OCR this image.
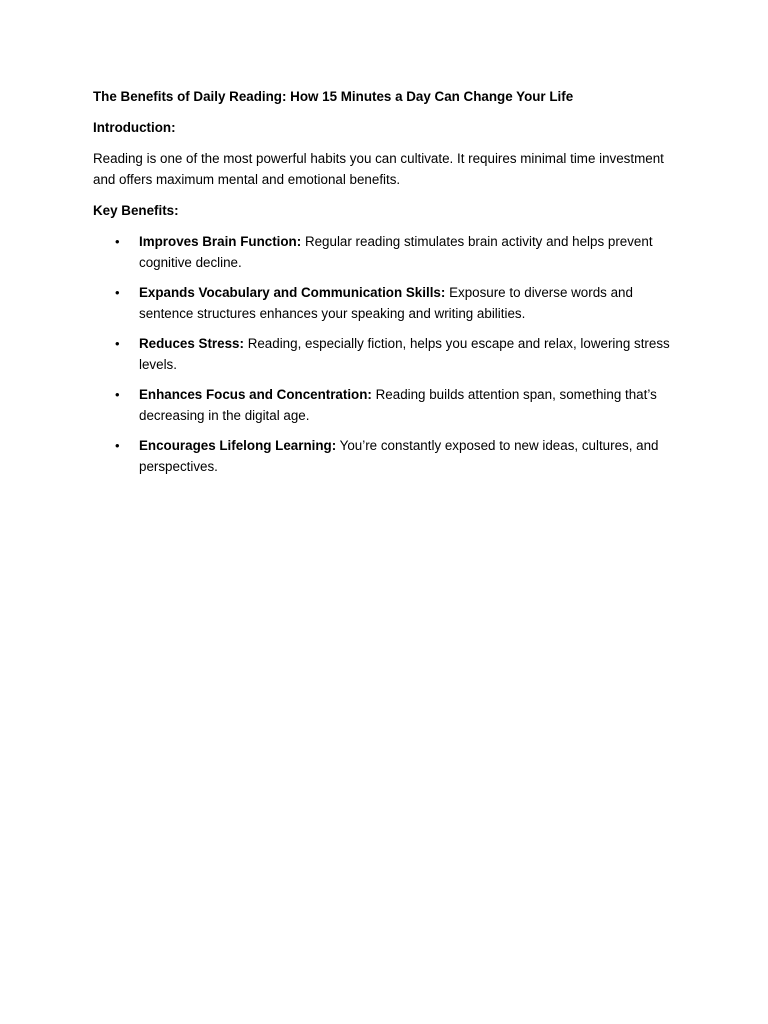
The Benefits of Daily Reading: How 15 Minutes a Day Can Change Your Life

Introduction:

Reading is one of the most powerful habits you can cultivate. It requires minimal time investment and offers maximum mental and emotional benefits.

Key Benefits:

• Improves Brain Function: Regular reading stimulates brain activity and helps prevent cognitive decline.
• Expands Vocabulary and Communication Skills: Exposure to diverse words and sentence structures enhances your speaking and writing abilities.
• Reduces Stress: Reading, especially fiction, helps you escape and relax, lowering stress levels.
• Enhances Focus and Concentration: Reading builds attention span, something that’s decreasing in the digital age.
• Encourages Lifelong Learning: You’re constantly exposed to new ideas, cultures, and perspectives.
